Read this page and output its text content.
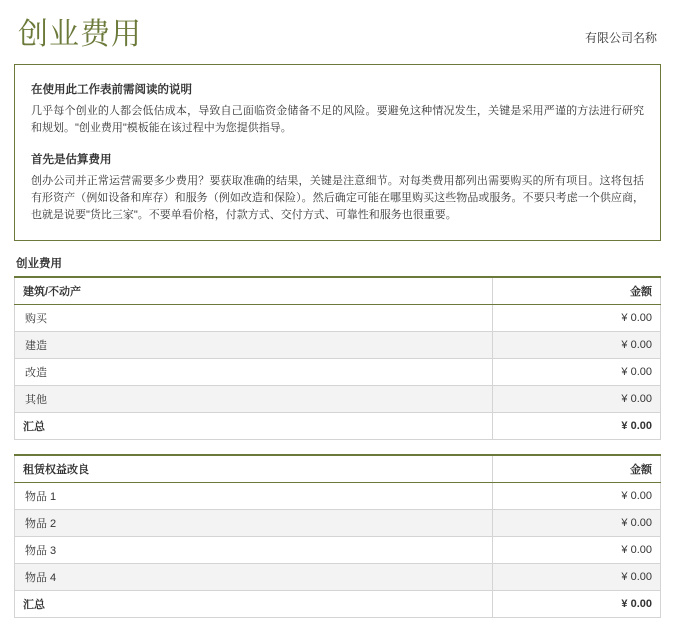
创业费用	有限公司名称
在使用此工作表前需阅读的说明

几乎每个创业的人都会低估成本，导致自己面临资金储备不足的风险。要避免这种情况发生，关键是采用严谨的方法进行研究和规划。"创业费用"模板能在该过程中为您提供指导。

首先是估算费用

创办公司并正常运营需要多少费用？要获取准确的结果，关键是注意细节。对每类费用都列出需要购买的所有项目。这将包括有形资产（例如设备和库存）和服务（例如改造和保险）。然后确定可能在哪里购买这些物品或服务。不要只考虑一个供应商，也就是说要"货比三家"。不要单看价格，付款方式、交付方式、可靠性和服务也很重要。

创业费用
建筑/不动产	金额
购买	¥ 0.00
建造	¥ 0.00
改造	¥ 0.00
其他	¥ 0.00
汇总	¥ 0.00
租赁权益改良	金额
物品 1	¥ 0.00
物品 2	¥ 0.00
物品 3	¥ 0.00
物品 4	¥ 0.00
汇总	¥ 0.00
